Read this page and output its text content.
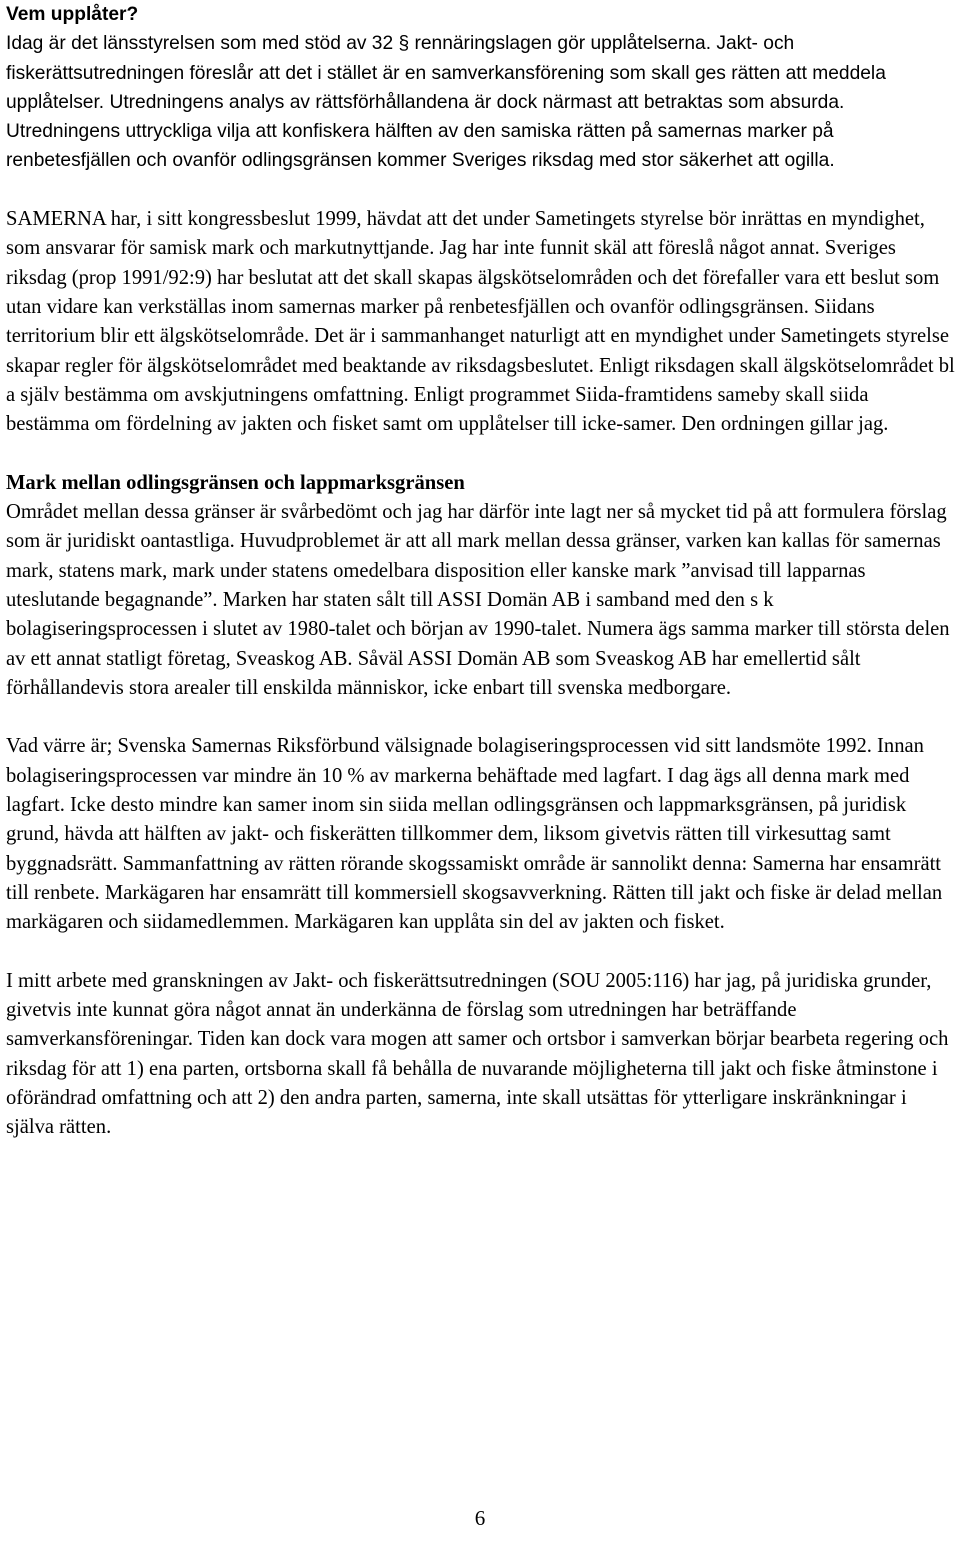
Vem upplåter?

Idag är det länsstyrelsen som med stöd av 32 § rennäringslagen gör upplåtelserna. Jakt- och fiskerättsutredningen föreslår att det i stället är en samverkansförening som skall ges rätten att meddela upplåtelser. Utredningens analys av rättsförhållandena är dock närmast att betraktas som absurda. Utredningens uttryckliga vilja att konfiskera hälften av den samiska rätten på samernas marker på renbetesfjällen och ovanför odlingsgränsen kommer Sveriges riksdag med stor säkerhet att ogilla.

SAMERNA har, i sitt kongressbeslut 1999, hävdat att det under Sametingets styrelse bör inrättas en myndighet, som ansvarar för samisk mark och markutnyttjande. Jag har inte funnit skäl att föreslå något annat. Sveriges riksdag (prop 1991/92:9) har beslutat att det skall skapas älgskötselområden och det förefaller vara ett beslut som utan vidare kan verkställas inom samernas marker på renbetesfjällen och ovanför odlingsgränsen. Siidans territorium blir ett älgskötselområde. Det är i sammanhanget naturligt att en myndighet under Sametingets styrelse skapar regler för älgskötselområdet med beaktande av riksdagsbeslutet. Enligt riksdagen skall älgskötselområdet bl a själv bestämma om avskjutningens omfattning. Enligt programmet Siida-framtidens sameby skall siida bestämma om fördelning av jakten och fisket samt om upplåtelser till icke-samer. Den ordningen gillar jag.

Mark mellan odlingsgränsen och lappmarksgränsen

Området mellan dessa gränser är svårbedömt och jag har därför inte lagt ner så mycket tid på att formulera förslag som är juridiskt oantastliga. Huvudproblemet är att all mark mellan dessa gränser, varken kan kallas för samernas mark, statens mark, mark under statens omedelbara disposition eller kanske mark ”anvisad till lapparnas uteslutande begagnande”. Marken har staten sålt till ASSI Domän AB i samband med den s k bolagiseringsprocessen i slutet av 1980-talet och början av 1990-talet. Numera ägs samma marker till största delen av ett annat statligt företag, Sveaskog AB. Såväl ASSI Domän AB som Sveaskog AB har emellertid sålt förhållandevis stora arealer till enskilda människor, icke enbart till svenska medborgare.

Vad värre är; Svenska Samernas Riksförbund välsignade bolagiseringsprocessen vid sitt landsmöte 1992. Innan bolagiseringsprocessen var mindre än 10 % av markerna behäftade med lagfart. I dag ägs all denna mark med lagfart. Icke desto mindre kan samer inom sin siida mellan odlingsgränsen och lappmarksgränsen, på juridisk grund, hävda att hälften av jakt- och fiskerätten tillkommer dem, liksom givetvis rätten till virkesuttag samt byggnadsrätt. Sammanfattning av rätten rörande skogssamiskt område är sannolikt denna: Samerna har ensamrätt till renbete. Markägaren har ensamrätt till kommersiell skogsavverkning. Rätten till jakt och fiske är delad mellan markägaren och siidamedlemmen. Markägaren kan upplåta sin del av jakten och fisket.

I mitt arbete med granskningen av Jakt- och fiskerättsutredningen (SOU 2005:116) har jag, på juridiska grunder, givetvis inte kunnat göra något annat än underkänna de förslag som utredningen har beträffande samverkansföreningar. Tiden kan dock vara mogen att samer och ortsbor i samverkan börjar bearbeta regering och riksdag för att 1) ena parten, ortsborna skall få behålla de nuvarande möjligheterna till jakt och fiske åtminstone i oförändrad omfattning och att 2) den andra parten, samerna, inte skall utsättas för ytterligare inskränkningar i själva rätten.

6
